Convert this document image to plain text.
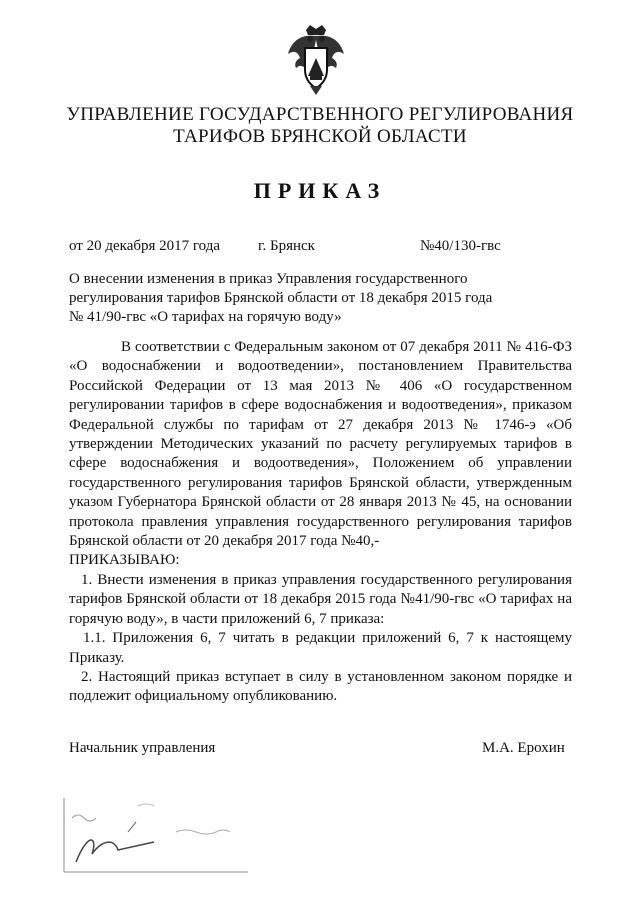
УПРАВЛЕНИЕ ГОСУДАРСТВЕННОГО РЕГУЛИРОВАНИЯ
ТАРИФОВ БРЯНСКОЙ ОБЛАСТИ
ПРИКАЗ
от 20 декабря 2017 года	г. Брянск	№40/130-гвс
О внесении изменения в приказ Управления государственного
регулирования тарифов Брянской области от 18 декабря 2015 года
№ 41/90-гвс «О тарифах на горячую воду»

В соответствии с Федеральным законом от 07 декабря 2011 № 416-ФЗ «О водоснабжении и водоотведении», постановлением Правительства Российской Федерации от 13 мая 2013 № 406 «О государственном регулировании тарифов в сфере водоснабжения и водоотведения», приказом Федеральной службы по тарифам от 27 декабря 2013 № 1746-э «Об утверждении Методических указаний по расчету регулируемых тарифов в сфере водоснабжения и водоотведения», Положением об управлении государственного регулирования тарифов Брянской области, утвержденным указом Губернатора Брянской области от 28 января 2013 № 45, на основании протокола правления управления государственного регулирования тарифов Брянской области от 20 декабря 2017 года №40,-

ПРИКАЗЫВАЮ:

1. Внести изменения в приказ управления государственного регулирования тарифов Брянской области от 18 декабря 2015 года №41/90-гвс «О тарифах на горячую воду», в части приложений 6, 7 приказа:

1.1. Приложения 6, 7 читать в редакции приложений 6, 7 к настоящему Приказу.

2. Настоящий приказ вступает в силу в установленном законом порядке и подлежит официальному опубликованию.

Начальник управления	М.А. Ерохин
